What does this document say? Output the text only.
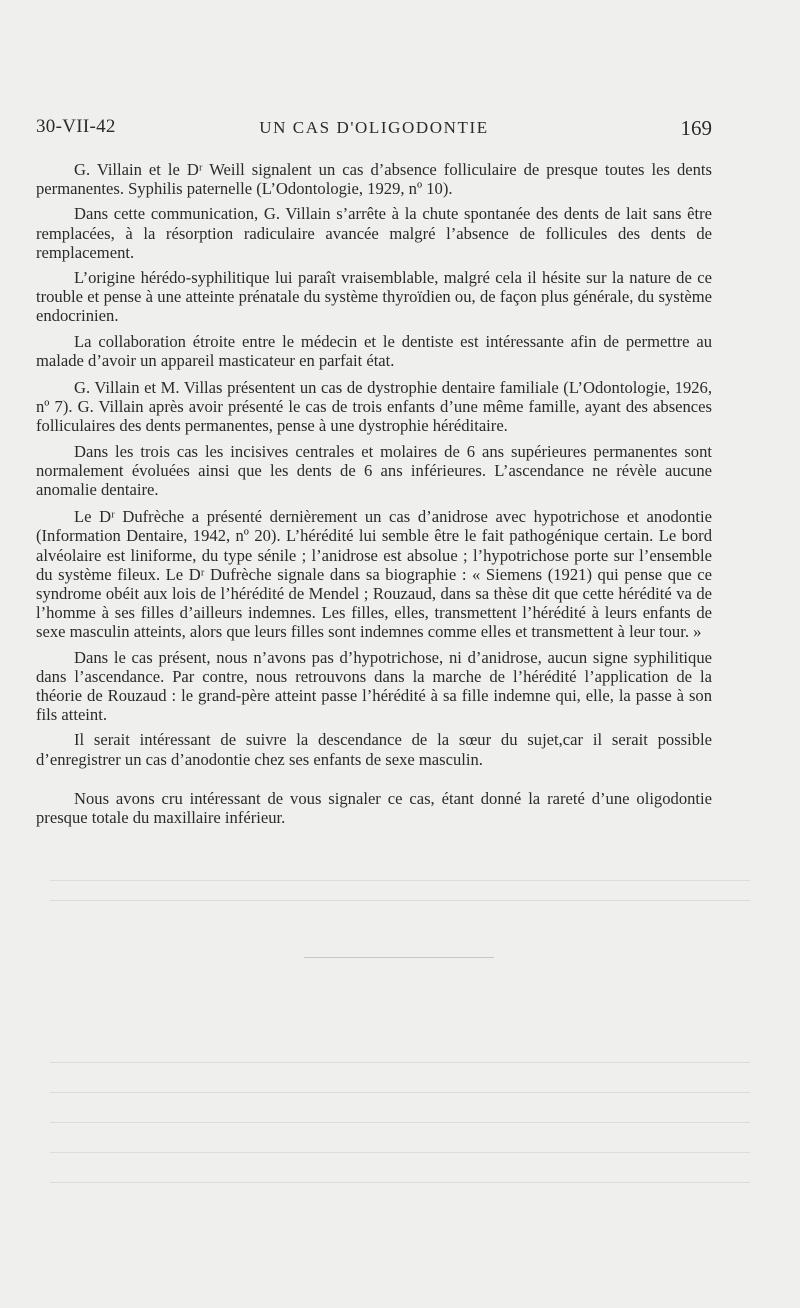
30-VII-42	UN CAS D'OLIGODONTIE	169

G. Villain et le Dʳ Weill signalent un cas d’absence folliculaire de presque toutes les dents permanentes. Syphilis paternelle (L’Odontologie, 1929, nº 10).

Dans cette communication, G. Villain s’arrête à la chute spontanée des dents de lait sans être remplacées, à la résorption radiculaire avancée malgré l’absence de follicules des dents de remplacement.

L’origine hérédo-syphilitique lui paraît vraisemblable, malgré cela il hésite sur la nature de ce trouble et pense à une atteinte prénatale du système thyroïdien ou, de façon plus générale, du système endocrinien.

La collaboration étroite entre le médecin et le dentiste est intéressante afin de permettre au malade d’avoir un appareil masticateur en parfait état.

G. Villain et M. Villas présentent un cas de dystrophie dentaire familiale (L’Odontologie, 1926, nº 7). G. Villain après avoir présenté le cas de trois enfants d’une même famille, ayant des absences folliculaires des dents permanentes, pense à une dystrophie héréditaire.

Dans les trois cas les incisives centrales et molaires de 6 ans supérieures permanentes sont normalement évoluées ainsi que les dents de 6 ans inférieures. L’ascendance ne révèle aucune anomalie dentaire.

Le Dʳ Dufrèche a présenté dernièrement un cas d’anidrose avec hypotrichose et anodontie (Information Dentaire, 1942, nº 20). L’hérédité lui semble être le fait pathogénique certain. Le bord alvéolaire est liniforme, du type sénile ; l’anidrose est absolue ; l’hypotrichose porte sur l’ensemble du système fileux. Le Dʳ Dufrèche signale dans sa biographie : « Siemens (1921) qui pense que ce syndrome obéit aux lois de l’hérédité de Mendel ; Rouzaud, dans sa thèse dit que cette hérédité va de l’homme à ses filles d’ailleurs indemnes. Les filles, elles, transmettent l’hérédité à leurs enfants de sexe masculin atteints, alors que leurs filles sont indemnes comme elles et transmettent à leur tour. »

Dans le cas présent, nous n’avons pas d’hypotrichose, ni d’anidrose, aucun signe syphilitique dans l’ascendance. Par contre, nous retrouvons dans la marche de l’hérédité l’application de la théorie de Rouzaud : le grand-père atteint passe l’hérédité à sa fille indemne qui, elle, la passe à son fils atteint.

Il serait intéressant de suivre la descendance de la sœur du sujet,car il serait possible d’enregistrer un cas d’anodontie chez ses enfants de sexe masculin.

Nous avons cru intéressant de vous signaler ce cas, étant donné la rareté d’une oligodontie presque totale du maxillaire inférieur.
